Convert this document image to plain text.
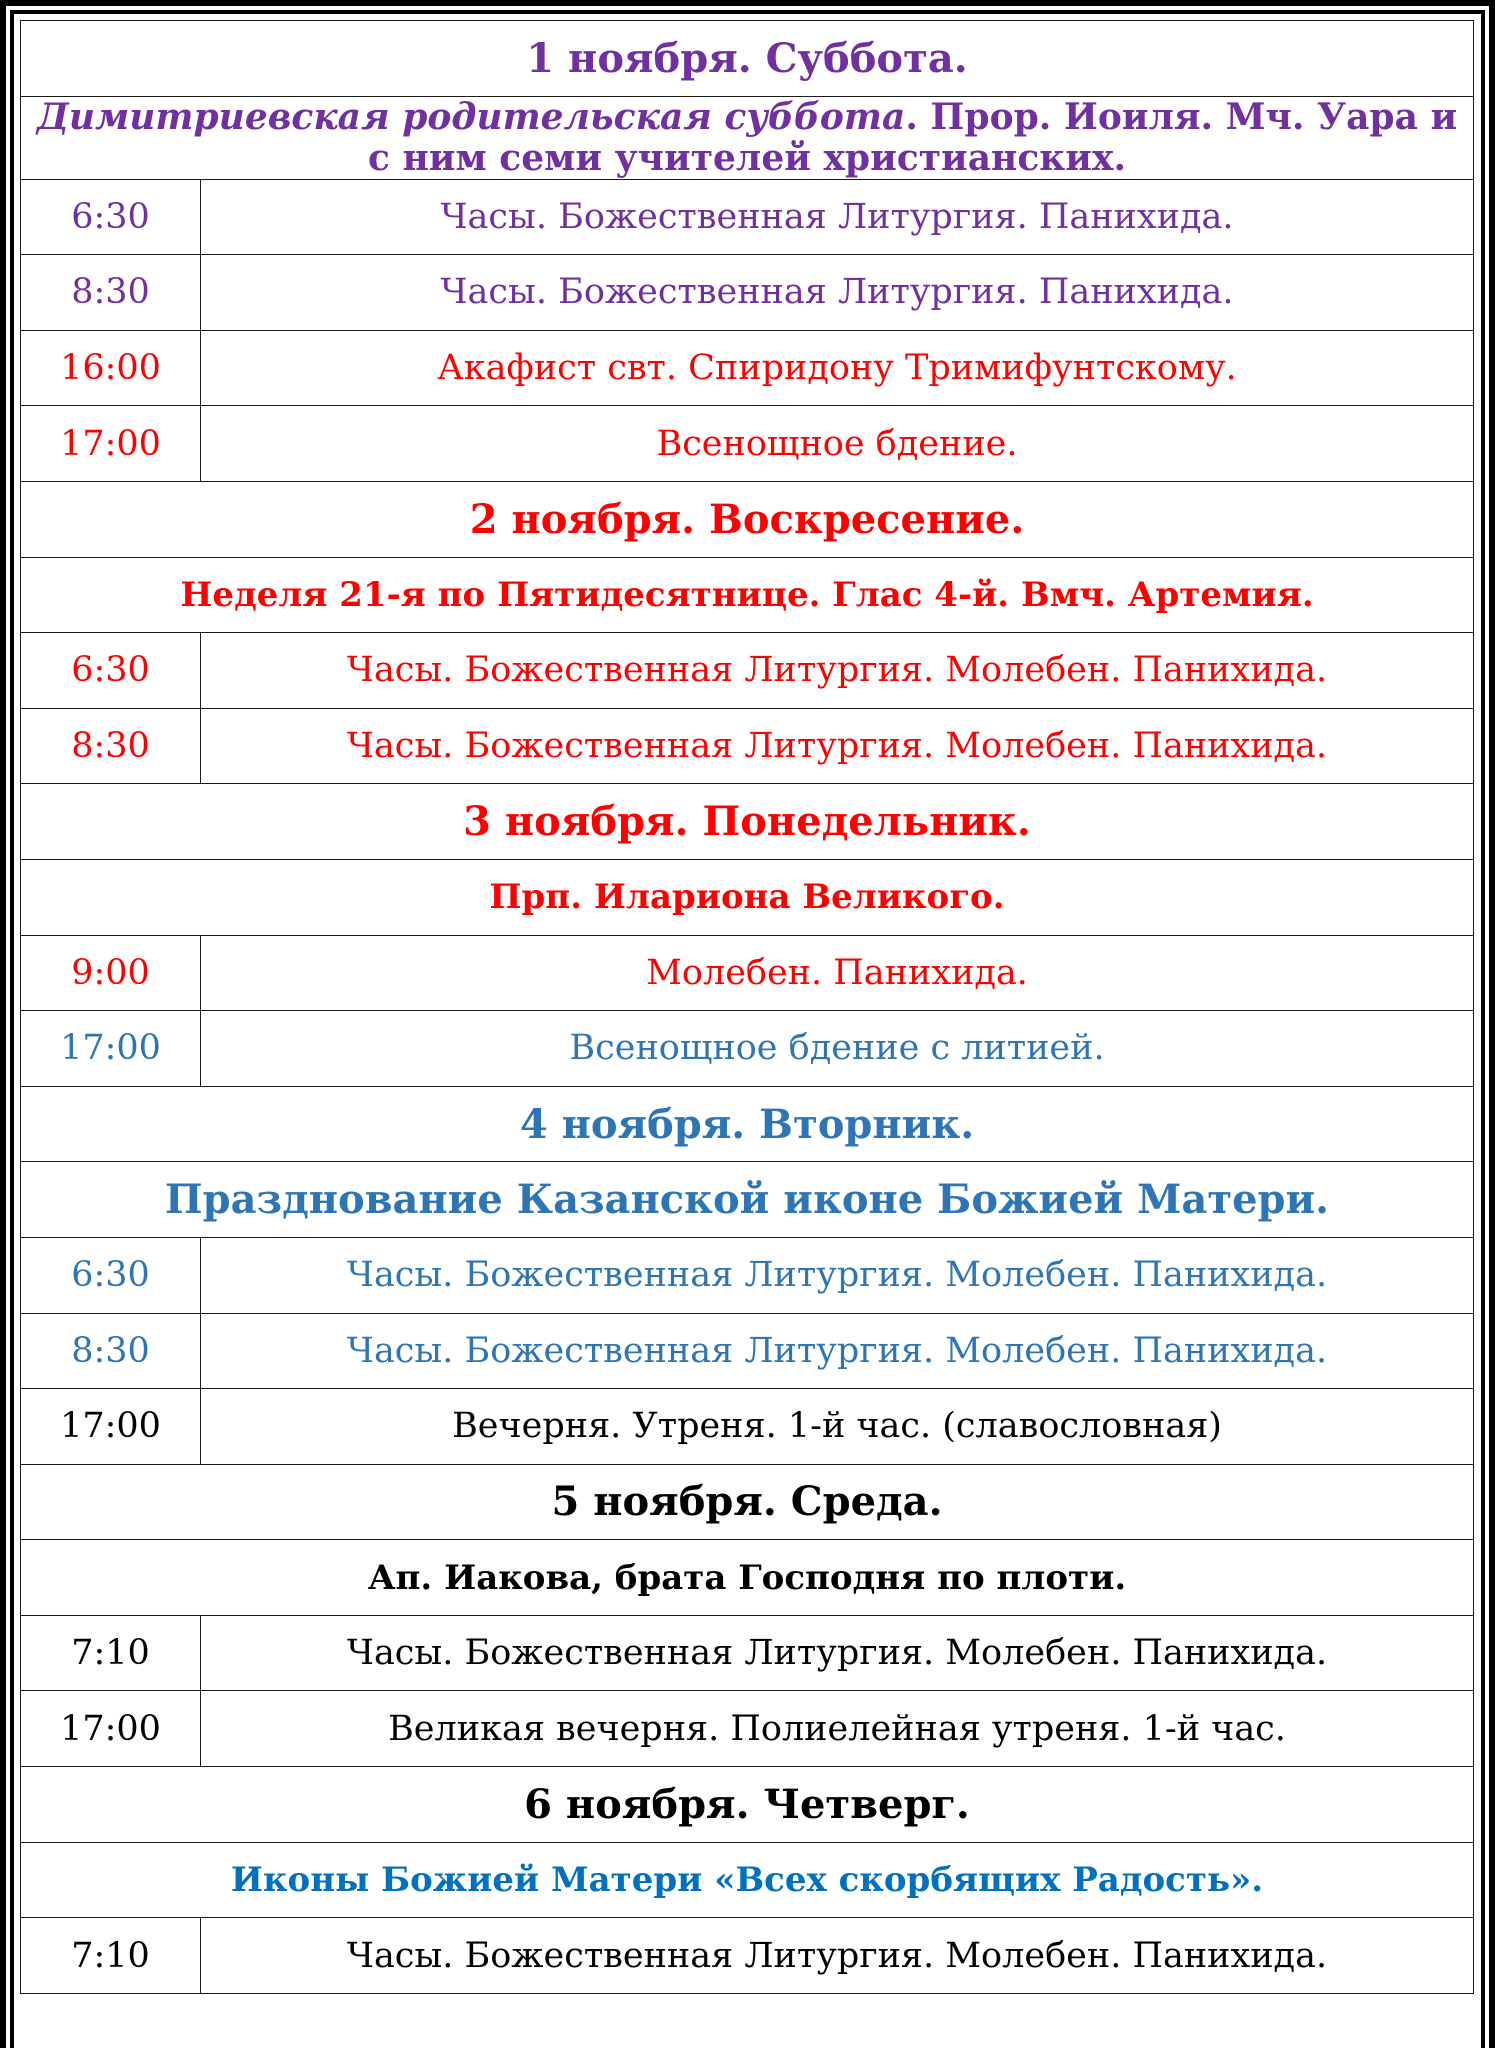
1 ноября. Суббота.	
Димитриевская родительская суббота. Прор. Иоиля. Мч. Уара и с ним семи учителей христианских.	
6:30	Часы. Божественная Литургия. Панихида.
8:30	Часы. Божественная Литургия. Панихида.
16:00	Акафист свт. Спиридону Тримифунтскому.
17:00	Всенощное бдение.
2 ноября. Воскресение.	
Неделя 21-я по Пятидесятнице. Глас 4-й. Вмч. Артемия.	
6:30	Часы. Божественная Литургия. Молебен. Панихида.
8:30	Часы. Божественная Литургия. Молебен. Панихида.
3 ноября. Понедельник.	
Прп. Илариона Великого.	
9:00	Молебен. Панихида.
17:00	Всенощное бдение с литией.
4 ноября. Вторник.	
Празднование Казанской иконе Божией Матери.	
6:30	Часы. Божественная Литургия. Молебен. Панихида.
8:30	Часы. Божественная Литургия. Молебен. Панихида.
17:00	Вечерня. Утреня. 1-й час. (славословная)
5 ноября. Среда.	
Ап. Иакова, брата Господня по плоти.	
7:10	Часы. Божественная Литургия. Молебен. Панихида.
17:00	Великая вечерня. Полиелейная утреня. 1-й час.
6 ноября. Четверг.	
Иконы Божией Матери «Всех скорбящих Радость».	
7:10	Часы. Божественная Литургия. Молебен. Панихида.
